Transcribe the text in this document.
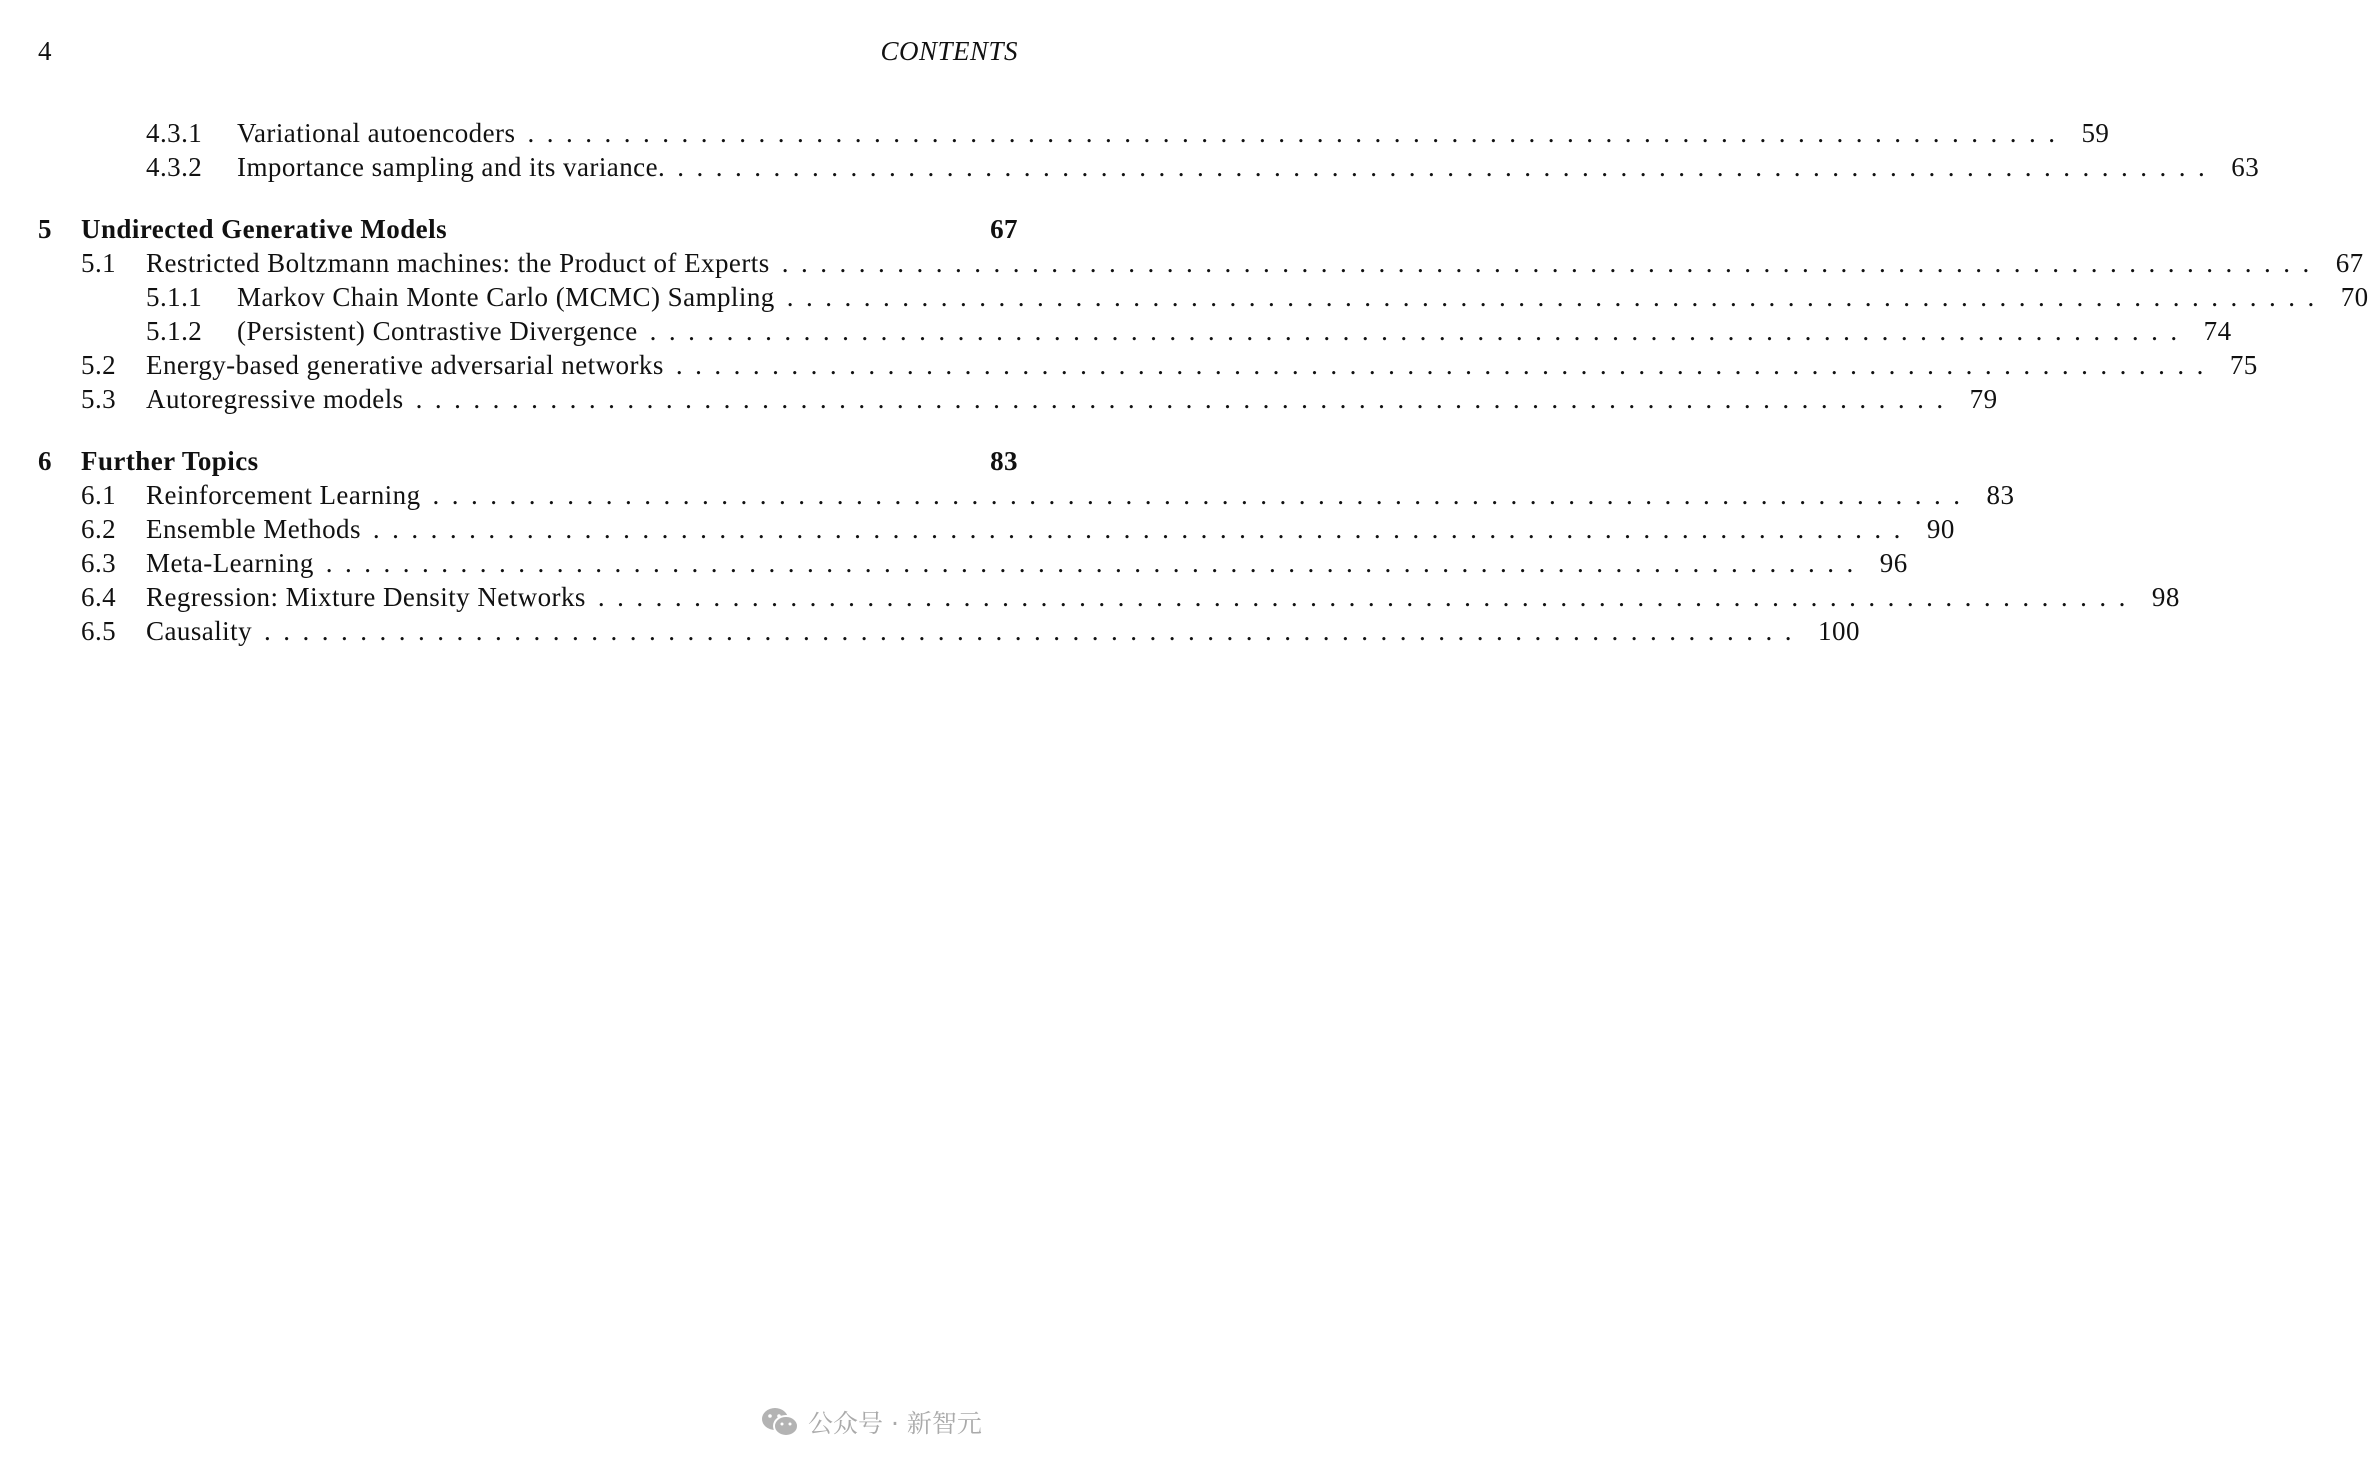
4	CONTENTS
4.3.1 Variational autoencoders ................................................................................ 59
4.3.2 Importance sampling and its variance. ................................................................................ 63
5 Undirected Generative Models	67
5.1 Restricted Boltzmann machines: the Product of Experts ................................................................................ 67
5.1.1 Markov Chain Monte Carlo (MCMC) Sampling ................................................................................ 70
5.1.2 (Persistent) Contrastive Divergence ................................................................................ 74
5.2 Energy-based generative adversarial networks ................................................................................ 75
5.3 Autoregressive models ................................................................................ 79
6 Further Topics	83
6.1 Reinforcement Learning ................................................................................ 83
6.2 Ensemble Methods ................................................................................ 90
6.3 Meta-Learning ................................................................................ 96
6.4 Regression: Mixture Density Networks ................................................................................ 98
6.5 Causality ................................................................................ 100
公众号 · 新智元
